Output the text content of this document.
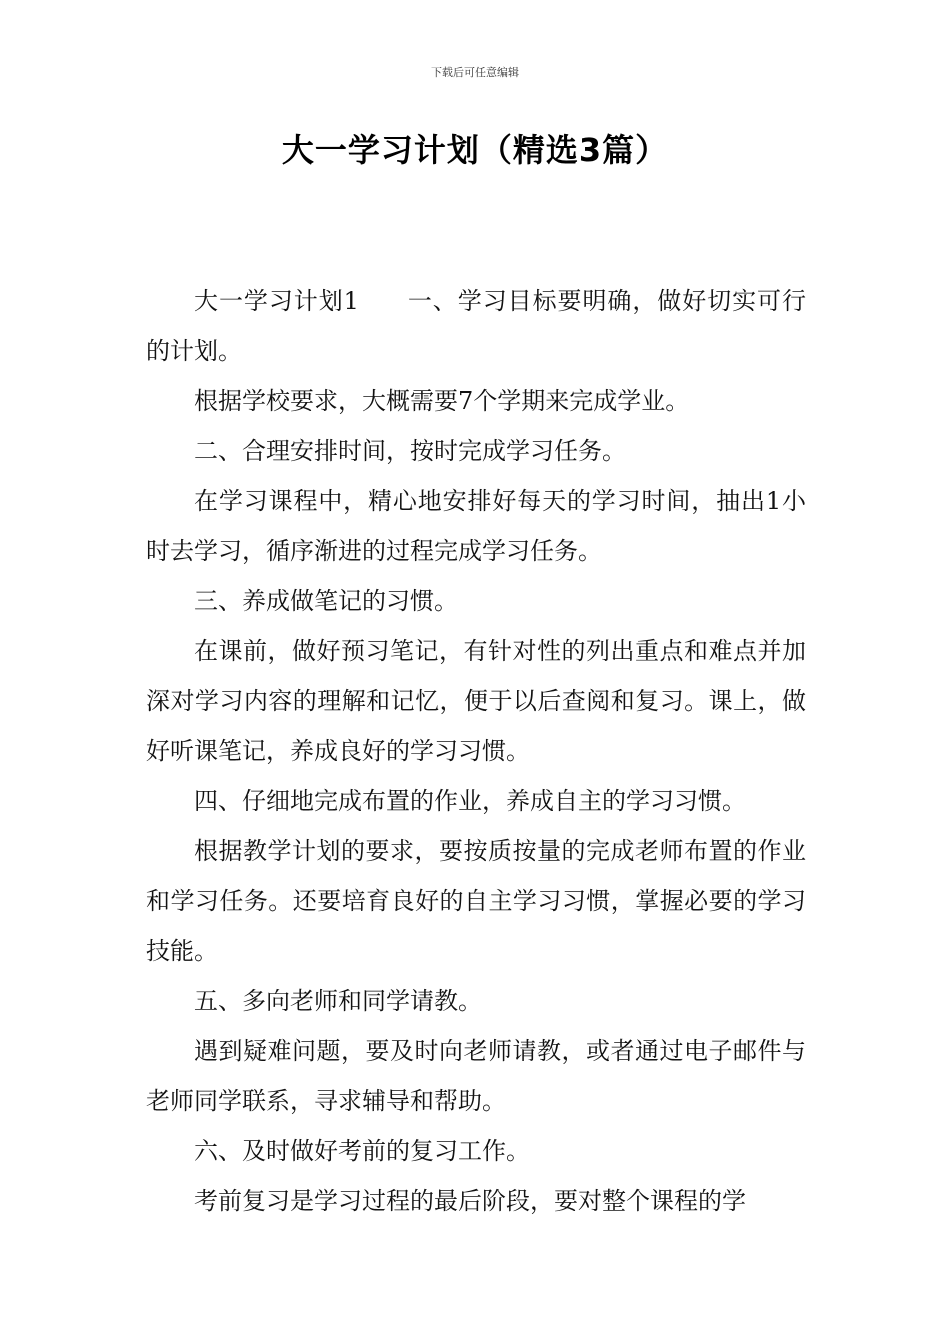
下载后可任意编辑
大一学习计划（精选3篇）

大一学习计划1 一、学习目标要明确，做好切实可行的计划。

根据学校要求，大概需要7个学期来完成学业。

二、合理安排时间，按时完成学习任务。

在学习课程中，精心地安排好每天的学习时间，抽出1小时去学习，循序渐进的过程完成学习任务。

三、养成做笔记的习惯。

在课前，做好预习笔记，有针对性的列出重点和难点并加深对学习内容的理解和记忆，便于以后查阅和复习。课上，做好听课笔记，养成良好的学习习惯。

四、仔细地完成布置的作业，养成自主的学习习惯。

根据教学计划的要求，要按质按量的完成老师布置的作业和学习任务。还要培育良好的自主学习习惯，掌握必要的学习技能。

五、多向老师和同学请教。

遇到疑难问题，要及时向老师请教，或者通过电子邮件与老师同学联系，寻求辅导和帮助。

六、及时做好考前的复习工作。

考前复习是学习过程的最后阶段，要对整个课程的学
